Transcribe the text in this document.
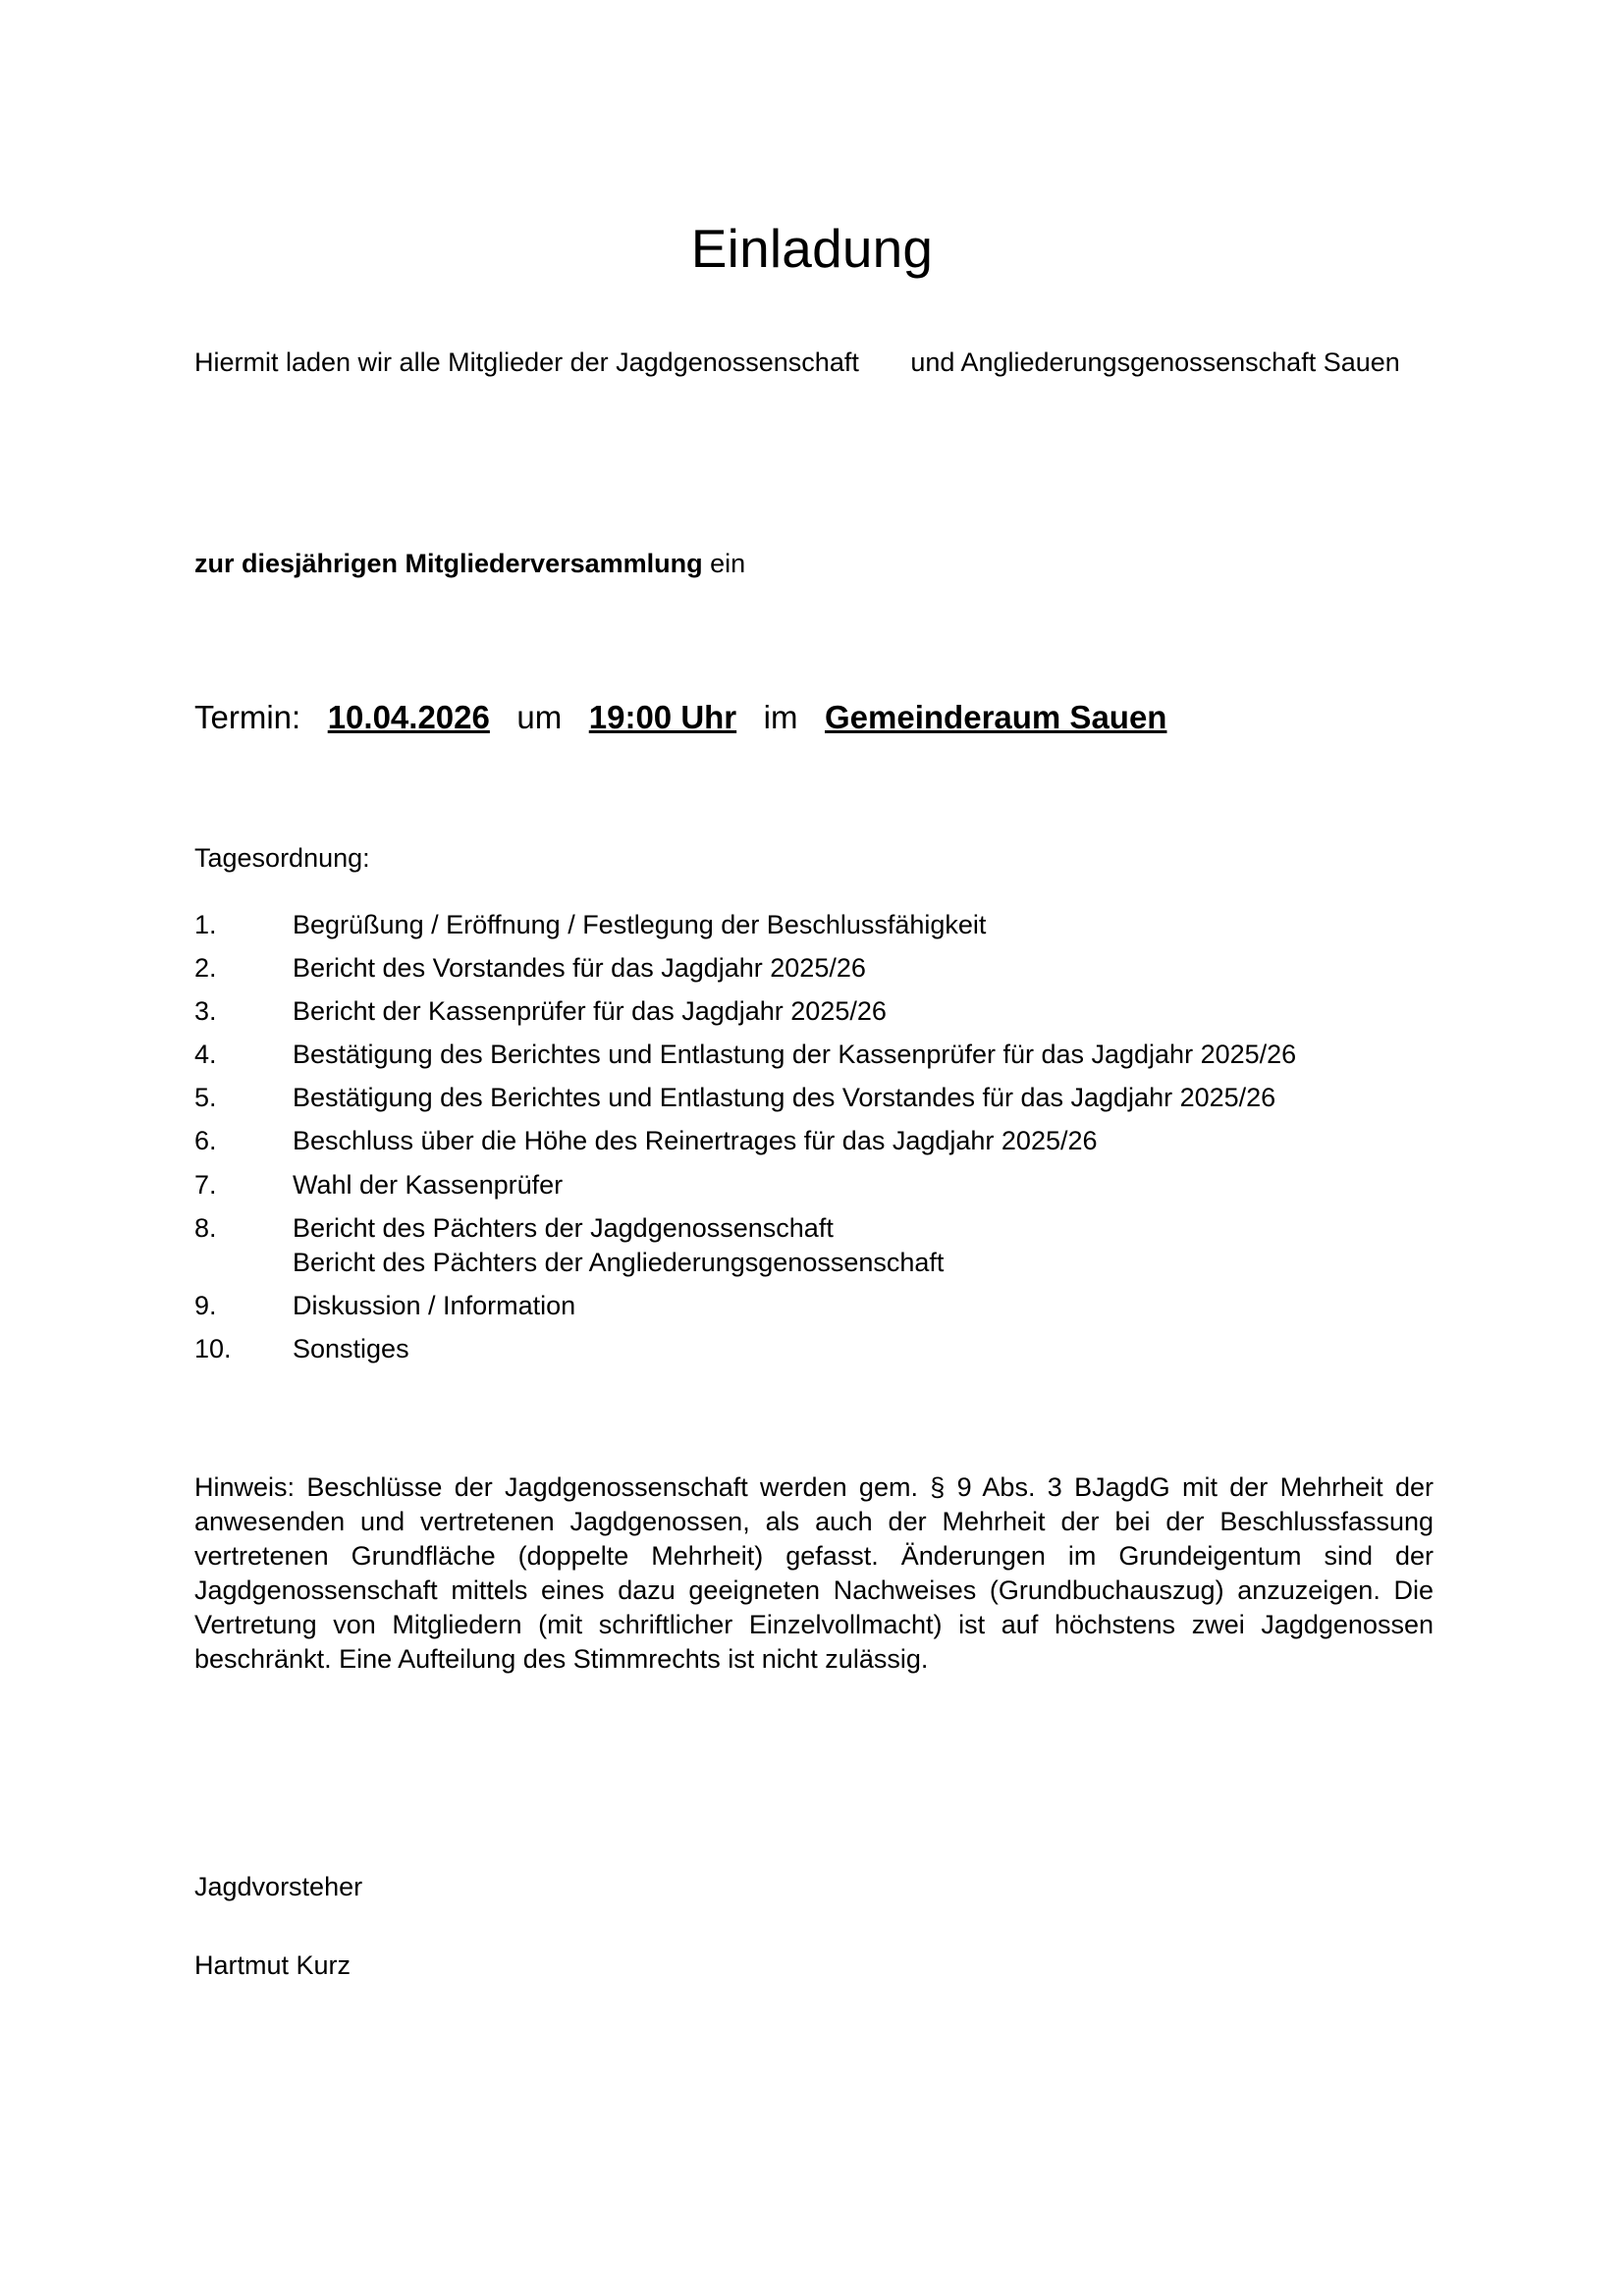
Einladung

Hiermit laden wir alle Mitglieder der Jagdgenossenschaft und Angliederungsgenossenschaft Sauen

zur diesjährigen Mitgliederversammlung ein

Termin: 10.04.2026 um 19:00 Uhr im Gemeinderaum Sauen

Tagesordnung:

1.	Begrüßung / Eröffnung / Festlegung der Beschlussfähigkeit
2.	Bericht des Vorstandes für das Jagdjahr 2025/26
3.	Bericht der Kassenprüfer für das Jagdjahr 2025/26
4.	Bestätigung des Berichtes und Entlastung der Kassenprüfer für das Jagdjahr 2025/26
5.	Bestätigung des Berichtes und Entlastung des Vorstandes für das Jagdjahr 2025/26
6.	Beschluss über die Höhe des Reinertrages für das Jagdjahr 2025/26
7.	Wahl der Kassenprüfer
8.	Bericht des Pächters der Jagdgenossenschaft
Bericht des Pächters der Angliederungsgenossenschaft
9.	Diskussion / Information
10.	Sonstiges

Hinweis: Beschlüsse der Jagdgenossenschaft werden gem. § 9 Abs. 3 BJagdG mit der Mehrheit der anwesenden und vertretenen Jagdgenossen, als auch der Mehrheit der bei der Beschlussfassung vertretenen Grundfläche (doppelte Mehrheit) gefasst. Änderungen im Grundeigentum sind der Jagdgenossenschaft mittels eines dazu geeigneten Nachweises (Grundbuchauszug) anzuzeigen. Die Vertretung von Mitgliedern (mit schriftlicher Einzelvollmacht) ist auf höchstens zwei Jagdgenossen beschränkt. Eine Aufteilung des Stimmrechts ist nicht zulässig.

Jagdvorsteher

Hartmut Kurz
